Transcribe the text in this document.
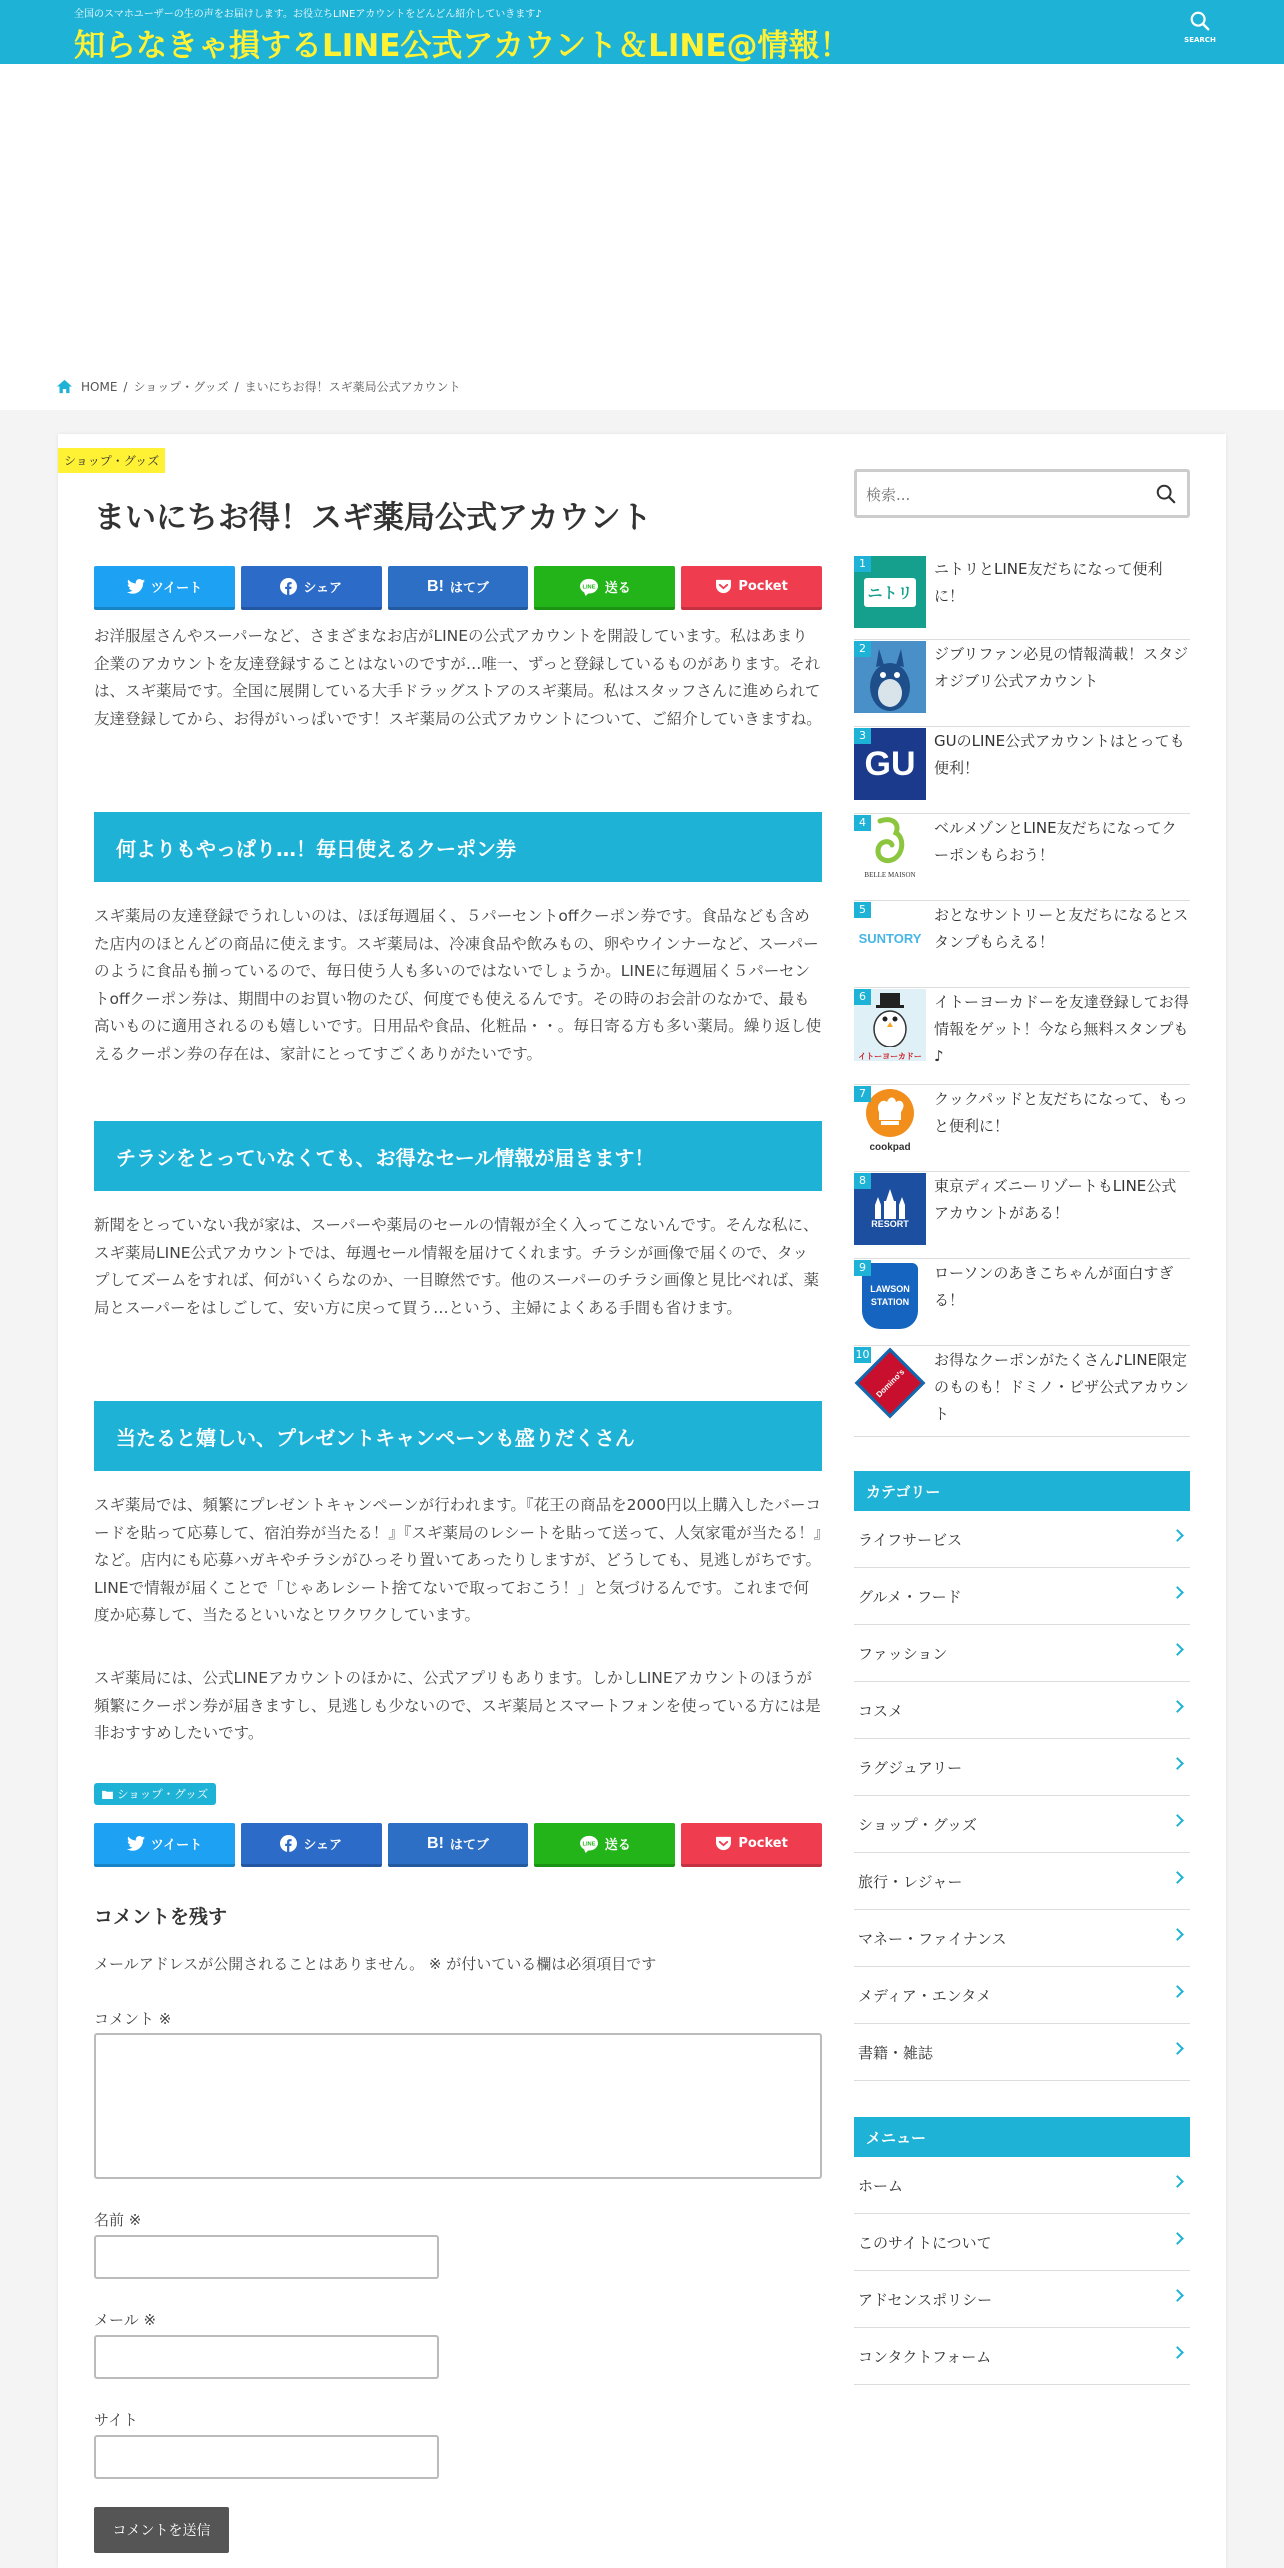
全国のスマホユーザーの生の声をお届けします。お役立ちLINEアカウントをどんどん紹介していきます♪
知らなきゃ損するLINE公式アカウント＆LINE@情報！	SEARCH
HOME / ショップ・グッズ / まいにちお得！スギ薬局公式アカウント
ショップ・グッズ
まいにちお得！スギ薬局公式アカウント
ツイート	シェア	B! はてブ	LINE 送る	Pocket

お洋服屋さんやスーパーなど、さまざまなお店がLINEの公式アカウントを開設しています。私はあまり企業のアカウントを友達登録することはないのですが…唯一、ずっと登録しているものがあります。それは、スギ薬局です。全国に展開している大手ドラッグストアのスギ薬局。私はスタッフさんに進められて友達登録してから、お得がいっぱいです！スギ薬局の公式アカウントについて、ご紹介していきますね。

何よりもやっぱり…！毎日使えるクーポン券

スギ薬局の友達登録でうれしいのは、ほぼ毎週届く、５パーセントoffクーポン券です。食品なども含めた店内のほとんどの商品に使えます。スギ薬局は、冷凍食品や飲みもの、卵やウインナーなど、スーパーのように食品も揃っているので、毎日使う人も多いのではないでしょうか。LINEに毎週届く５パーセントoffクーポン券は、期間中のお買い物のたび、何度でも使えるんです。その時のお会計のなかで、最も高いものに適用されるのも嬉しいです。日用品や食品、化粧品・・。毎日寄る方も多い薬局。繰り返し使えるクーポン券の存在は、家計にとってすごくありがたいです。

チラシをとっていなくても、お得なセール情報が届きます！

新聞をとっていない我が家は、スーパーや薬局のセールの情報が全く入ってこないんです。そんな私に、スギ薬局LINE公式アカウントでは、毎週セール情報を届けてくれます。チラシが画像で届くので、タップしてズームをすれば、何がいくらなのか、一目瞭然です。他のスーパーのチラシ画像と見比べれば、薬局とスーパーをはしごして、安い方に戻って買う…という、主婦によくある手間も省けます。

当たると嬉しい、プレゼントキャンペーンも盛りだくさん

スギ薬局では、頻繁にプレゼントキャンペーンが行われます。『花王の商品を2000円以上購入したバーコードを貼って応募して、宿泊券が当たる！』『スギ薬局のレシートを貼って送って、人気家電が当たる！』など。店内にも応募ハガキやチラシがひっそり置いてあったりしますが、どうしても、見逃しがちです。LINEで情報が届くことで「じゃあレシート捨てないで取っておこう！」と気づけるんです。これまで何度か応募して、当たるといいなとワクワクしています。

スギ薬局には、公式LINEアカウントのほかに、公式アプリもあります。しかしLINEアカウントのほうが頻繁にクーポン券が届きますし、見逃しも少ないので、スギ薬局とスマートフォンを使っている方には是非おすすめしたいです。

ショップ・グッズ
ツイート	シェア	B! はてブ	LINE 送る	Pocket
コメントを残す
メールアドレスが公開されることはありません。 ※ が付いている欄は必須項目です
コメント ※
名前 ※
メール ※
サイト
コメントを送信
検索...
ニトリ
1	ニトリとLINE友だちになって便利に！
2	ジブリファン必見の情報満載！スタジオジブリ公式アカウント
GU
3	GUのLINE公式アカウントはとっても便利！
BELLE MAISON
4	ベルメゾンとLINE友だちになってクーポンもらおう！
SUNTORY
5	おとなサントリーと友だちになるとスタンプもらえる！
イトーヨーカドー
6	イトーヨーカドーを友達登録してお得情報をゲット！今なら無料スタンプも♪
cookpad
7	クックパッドと友だちになって、もっと便利に！
RESORT
8	東京ディズニーリゾートもLINE公式アカウントがある！
LAWSON STATION
9	ローソンのあきこちゃんが面白すぎる！
Domino's
10	お得なクーポンがたくさん♪LINE限定のものも！ドミノ・ピザ公式アカウント
カテゴリー
ライフサービス
グルメ・フード
ファッション
コスメ
ラグジュアリー
ショップ・グッズ
旅行・レジャー
マネー・ファイナンス
メディア・エンタメ
書籍・雑誌
メニュー
ホーム
このサイトについて
アドセンスポリシー
コンタクトフォーム
